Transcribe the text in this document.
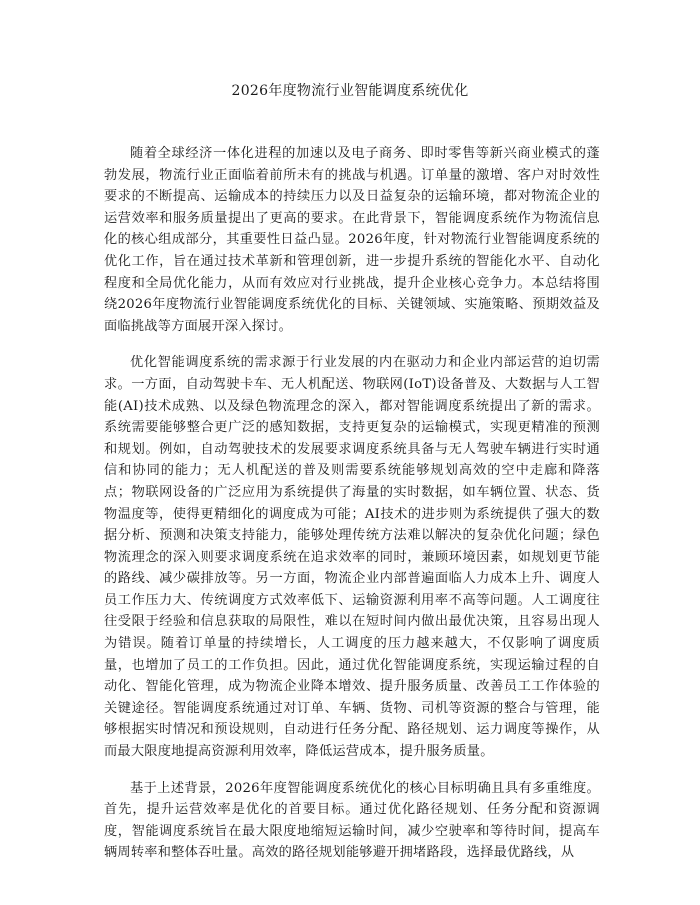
2026年度物流行业智能调度系统优化

随着全球经济一体化进程的加速以及电子商务、即时零售等新兴商业模式的蓬勃发展，物流行业正面临着前所未有的挑战与机遇。订单量的激增、客户对时效性要求的不断提高、运输成本的持续压力以及日益复杂的运输环境，都对物流企业的运营效率和服务质量提出了更高的要求。在此背景下，智能调度系统作为物流信息化的核心组成部分，其重要性日益凸显。2026年度，针对物流行业智能调度系统的优化工作，旨在通过技术革新和管理创新，进一步提升系统的智能化水平、自动化程度和全局优化能力，从而有效应对行业挑战，提升企业核心竞争力。本总结将围绕2026年度物流行业智能调度系统优化的目标、关键领域、实施策略、预期效益及面临挑战等方面展开深入探讨。

优化智能调度系统的需求源于行业发展的内在驱动力和企业内部运营的迫切需求。一方面，自动驾驶卡车、无人机配送、物联网(IoT)设备普及、大数据与人工智能(AI)技术成熟、以及绿色物流理念的深入，都对智能调度系统提出了新的需求。系统需要能够整合更广泛的感知数据，支持更复杂的运输模式，实现更精准的预测和规划。例如，自动驾驶技术的发展要求调度系统具备与无人驾驶车辆进行实时通信和协同的能力；无人机配送的普及则需要系统能够规划高效的空中走廊和降落点；物联网设备的广泛应用为系统提供了海量的实时数据，如车辆位置、状态、货物温度等，使得更精细化的调度成为可能；AI技术的进步则为系统提供了强大的数据分析、预测和决策支持能力，能够处理传统方法难以解决的复杂优化问题；绿色物流理念的深入则要求调度系统在追求效率的同时，兼顾环境因素，如规划更节能的路线、减少碳排放等。另一方面，物流企业内部普遍面临人力成本上升、调度人员工作压力大、传统调度方式效率低下、运输资源利用率不高等问题。人工调度往往受限于经验和信息获取的局限性，难以在短时间内做出最优决策，且容易出现人为错误。随着订单量的持续增长，人工调度的压力越来越大，不仅影响了调度质量，也增加了员工的工作负担。因此，通过优化智能调度系统，实现运输过程的自动化、智能化管理，成为物流企业降本增效、提升服务质量、改善员工工作体验的关键途径。智能调度系统通过对订单、车辆、货物、司机等资源的整合与管理，能够根据实时情况和预设规则，自动进行任务分配、路径规划、运力调度等操作，从而最大限度地提高资源利用效率，降低运营成本，提升服务质量。

基于上述背景，2026年度智能调度系统优化的核心目标明确且具有多重维度。首先，提升运营效率是优化的首要目标。通过优化路径规划、任务分配和资源调度，智能调度系统旨在最大限度地缩短运输时间，减少空驶率和等待时间，提高车辆周转率和整体吞吐量。高效的路径规划能够避开拥堵路段，选择最优路线，从
